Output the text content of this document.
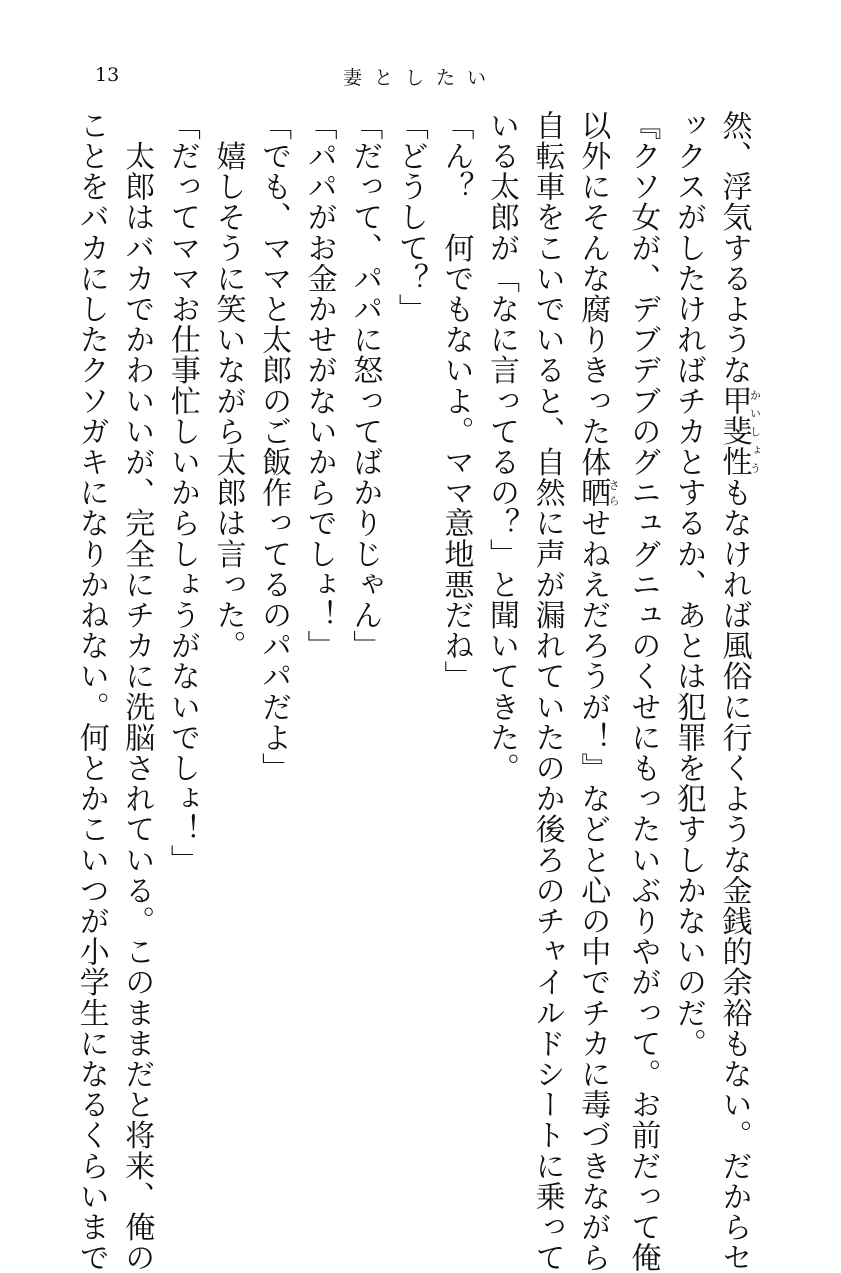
13	妻としたい
然、浮気するような甲斐性かいしょうもなければ風俗に行くような金銭的余裕もない。だからセ
ックスがしたければチカとするか、あとは犯罪を犯すしかないのだ。
『クソ女が、デブデブのグニュグニュのくせにもったいぶりやがって。お前だって俺
以外にそんな腐りきった体晒さらせねえだろうが！』などと心の中でチカに毒づきながら
自転車をこいでいると、自然に声が漏れていたのか後ろのチャイルドシートに乗って
いる太郎が「なに言ってるの？」と聞いてきた。
「ん？　何でもないよ。ママ意地悪だね」
「どうして？」
「だって、パパに怒ってばかりじゃん」
「パパがお金かせがないからでしょ！」
「でも、ママと太郎のご飯作ってるのパパだよ」
　嬉しそうに笑いながら太郎は言った。
「だってママお仕事忙しいからしょうがないでしょ！」
　太郎はバカでかわいいが、完全にチカに洗脳されている。このままだと将来、俺の
ことをバカにしたクソガキになりかねない。何とかこいつが小学生になるくらいまで
